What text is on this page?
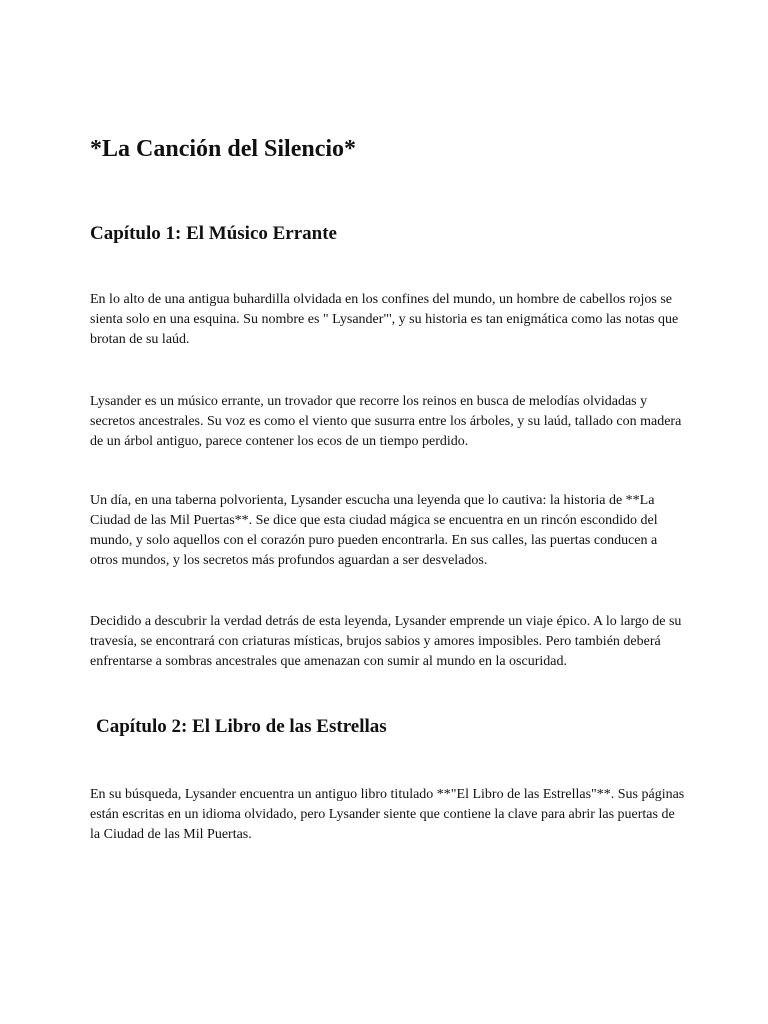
*La Canción del Silencio*
Capítulo 1: El Músico Errante

En lo alto de una antigua buhardilla olvidada en los confines del mundo, un hombre de cabellos rojos se
sienta solo en una esquina. Su nombre es " Lysander"', y su historia es tan enigmática como las notas que
brotan de su laúd.

Lysander es un músico errante, un trovador que recorre los reinos en busca de melodías olvidadas y
secretos ancestrales. Su voz es como el viento que susurra entre los árboles, y su laúd, tallado con madera
de un árbol antiguo, parece contener los ecos de un tiempo perdido.

Un día, en una taberna polvorienta, Lysander escucha una leyenda que lo cautiva: la historia de **La
Ciudad de las Mil Puertas**. Se dice que esta ciudad mágica se encuentra en un rincón escondido del
mundo, y solo aquellos con el corazón puro pueden encontrarla. En sus calles, las puertas conducen a
otros mundos, y los secretos más profundos aguardan a ser desvelados.

Decidido a descubrir la verdad detrás de esta leyenda, Lysander emprende un viaje épico. A lo largo de su
travesía, se encontrará con criaturas místicas, brujos sabios y amores imposibles. Pero también deberá
enfrentarse a sombras ancestrales que amenazan con sumir al mundo en la oscuridad.

Capítulo 2: El Libro de las Estrellas

En su búsqueda, Lysander encuentra un antiguo libro titulado **"El Libro de las Estrellas"**. Sus páginas
están escritas en un idioma olvidado, pero Lysander siente que contiene la clave para abrir las puertas de
la Ciudad de las Mil Puertas.
